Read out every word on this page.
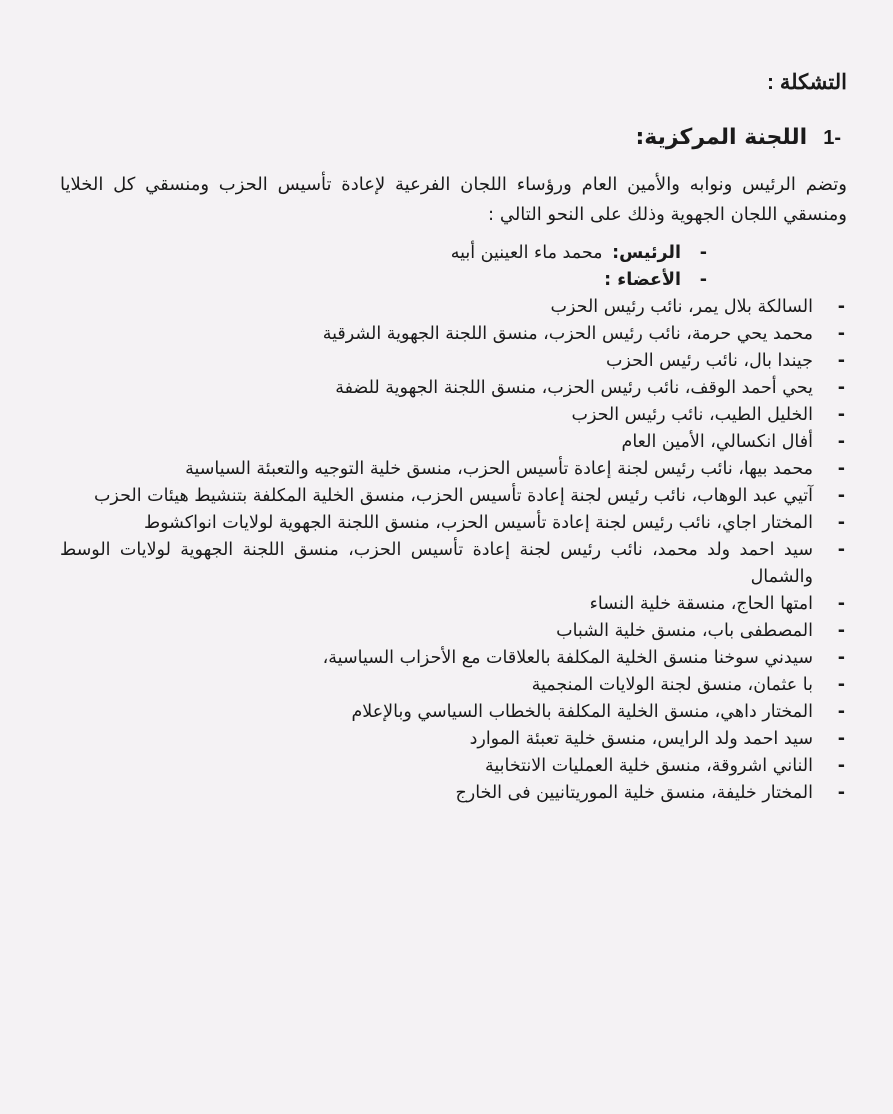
التشكلة :
-1
اللجنة المركزية:

وتضم الرئيس ونوابه والأمين العام ورؤساء اللجان الفرعية لإعادة تأسيس الحزب ومنسقي كل الخلايا ومنسقي اللجان الجهوية وذلك على النحو التالي :

-
الرئيس: محمد ماء العينين أبيه
-
الأعضاء :
-
السالكة بلال يمر، نائب رئيس الحزب
-
محمد يحي حرمة، نائب رئيس الحزب، منسق اللجنة الجهوية الشرقية
-
جيندا بال، نائب رئيس الحزب
-
يحي أحمد الوقف، نائب رئيس الحزب، منسق اللجنة الجهوية للضفة
-
الخليل الطيب، نائب رئيس الحزب
-
أفال انكسالي، الأمين العام
-
محمد بيها، نائب رئيس لجنة إعادة تأسيس الحزب، منسق خلية التوجيه والتعبئة السياسية
-
آتيي عبد الوهاب، نائب رئيس لجنة إعادة تأسيس الحزب، منسق الخلية المكلفة بتنشيط هيئات الحزب
-
المختار اجاي، نائب رئيس لجنة إعادة تأسيس الحزب، منسق اللجنة الجهوية لولايات انواكشوط
-
سيد احمد ولد محمد، نائب رئيس لجنة إعادة تأسيس الحزب، منسق اللجنة الجهوية لولايات الوسط والشمال
-
امتها الحاج، منسقة خلية النساء
-
المصطفى باب، منسق خلية الشباب
-
سيدني سوخنا منسق الخلية المكلفة بالعلاقات مع الأحزاب السياسية،
-
با عثمان، منسق لجنة الولايات المنجمية
-
المختار داهي، منسق الخلية المكلفة بالخطاب السياسي وبالإعلام
-
سيد احمد ولد الرايس، منسق خلية تعبئة الموارد
-
الناني اشروقة، منسق خلية العمليات الانتخابية
-
المختار خليفة، منسق خلية الموريتانيين فى الخارج
